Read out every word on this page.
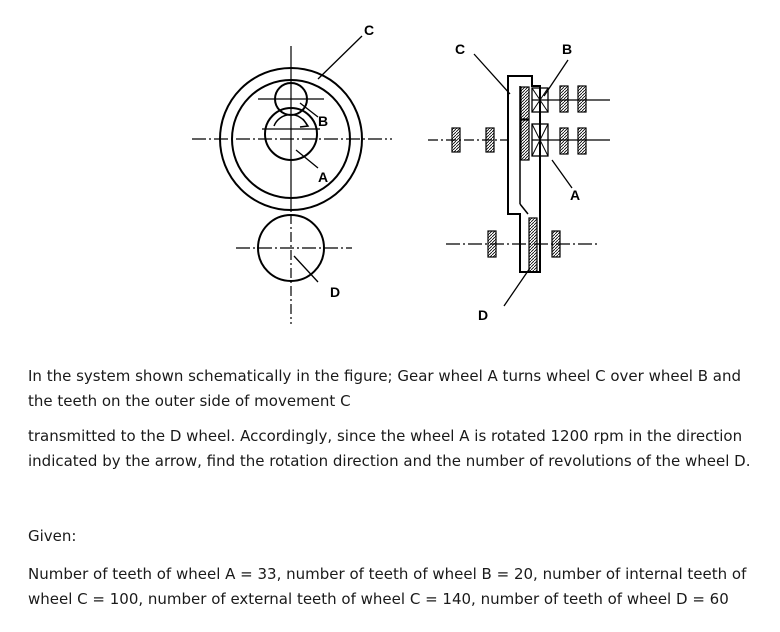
C
B
A
D
C	B
A
D

In the system shown schematically in the figure; Gear wheel A turns wheel C over wheel B and the teeth on the outer side of movement C

transmitted to the D wheel. Accordingly, since the wheel A is rotated 1200 rpm in the direction indicated by the arrow, find the rotation direction and the number of revolutions of the wheel D.

Given:

Number of teeth of wheel A = 33, number of teeth of wheel B = 20, number of internal teeth of wheel C = 100, number of external teeth of wheel C = 140, number of teeth of wheel D = 60
